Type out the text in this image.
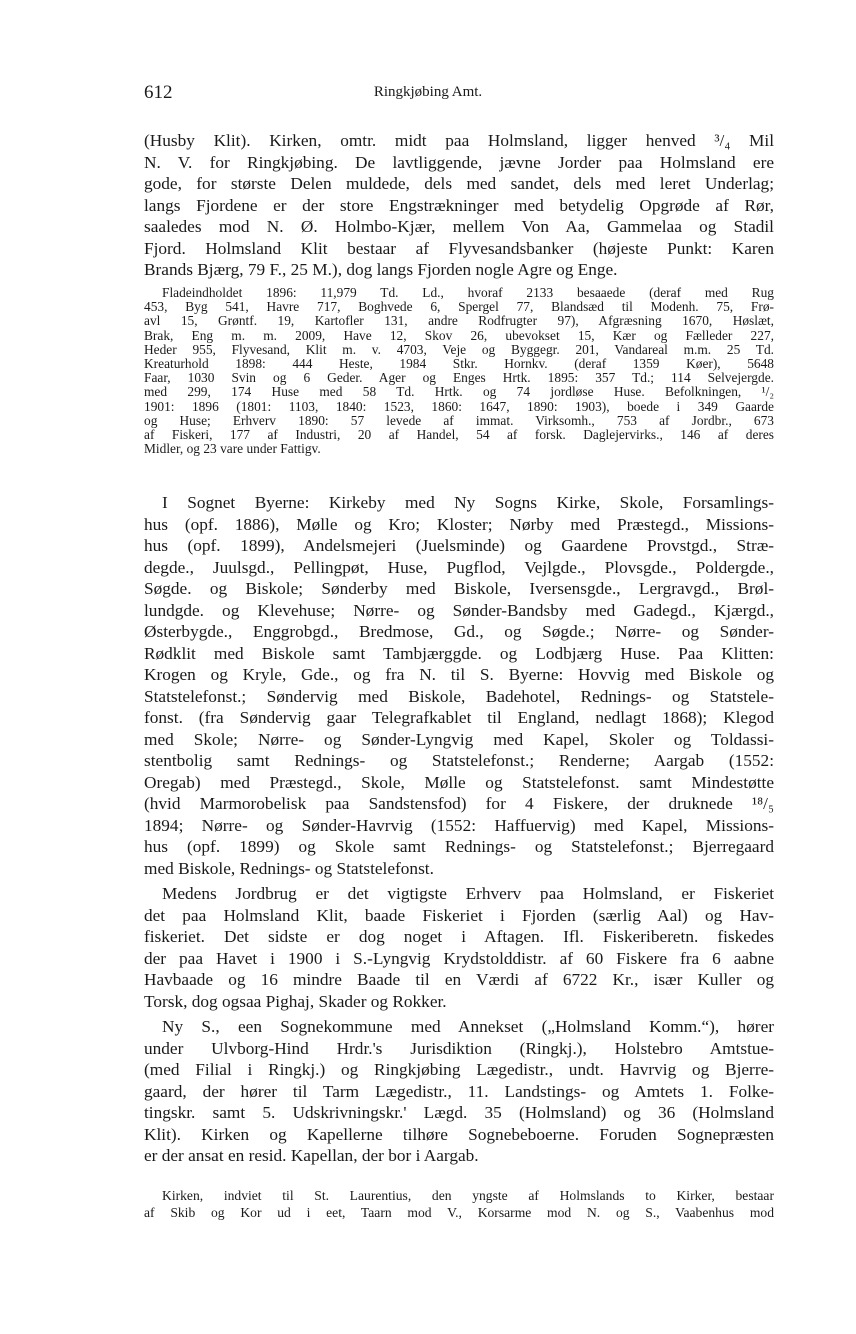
612	Ringkjøbing Amt.
(Husby Klit). Kirken, omtr. midt paa Holmsland, ligger henved ³/₄ Mil
N. V. for Ringkjøbing. De lavtliggende, jævne Jorder paa Holmsland ere
gode, for største Delen muldede, dels med sandet, dels med leret Underlag;
langs Fjordene er der store Engstrækninger med betydelig Opgrøde af Rør,
saaledes mod N. Ø. Holmbo-Kjær, mellem Von Aa, Gammelaa og Stadil
Fjord. Holmsland Klit bestaar af Flyvesandsbanker (højeste Punkt: Karen
Brands Bjærg, 79 F., 25 M.), dog langs Fjorden nogle Agre og Enge.
Fladeindholdet 1896: 11,979 Td. Ld., hvoraf 2133 besaaede (deraf med Rug
453, Byg 541, Havre 717, Boghvede 6, Spergel 77, Blandsæd til Modenh. 75, Frø-
avl 15, Grøntf. 19, Kartofler 131, andre Rodfrugter 97), Afgræsning 1670, Høslæt,
Brak, Eng m. m. 2009, Have 12, Skov 26, ubevokset 15, Kær og Fælleder 227,
Heder 955, Flyvesand, Klit m. v. 4703, Veje og Byggegr. 201, Vandareal m.m. 25 Td.
Kreaturhold 1898: 444 Heste, 1984 Stkr. Hornkv. (deraf 1359 Køer), 5648
Faar, 1030 Svin og 6 Geder. Ager og Enges Hrtk. 1895: 357 Td.; 114 Selvejergde.
med 299, 174 Huse med 58 Td. Hrtk. og 74 jordløse Huse. Befolkningen, ¹/₂
1901: 1896 (1801: 1103, 1840: 1523, 1860: 1647, 1890: 1903), boede i 349 Gaarde
og Huse; Erhverv 1890: 57 levede af immat. Virksomh., 753 af Jordbr., 673
af Fiskeri, 177 af Industri, 20 af Handel, 54 af forsk. Daglejervirks., 146 af deres
Midler, og 23 vare under Fattigv.
I Sognet Byerne: Kirkeby med Ny Sogns Kirke, Skole, Forsamlings-
hus (opf. 1886), Mølle og Kro; Kloster; Nørby med Præstegd., Missions-
hus (opf. 1899), Andelsmejeri (Juelsminde) og Gaardene Provstgd., Stræ-
degde., Juulsgd., Pellingpøt, Huse, Pugflod, Vejlgde., Plovsgde., Poldergde.,
Søgde. og Biskole; Sønderby med Biskole, Iversensgde., Lergravgd., Brøl-
lundgde. og Klevehuse; Nørre- og Sønder-Bandsby med Gadegd., Kjærgd.,
Østerbygde., Enggrobgd., Bredmose, Gd., og Søgde.; Nørre- og Sønder-
Rødklit med Biskole samt Tambjærggde. og Lodbjærg Huse. Paa Klitten:
Krogen og Kryle, Gde., og fra N. til S. Byerne: Hovvig med Biskole og
Statstelefonst.; Søndervig med Biskole, Badehotel, Rednings- og Statstele-
fonst. (fra Søndervig gaar Telegrafkablet til England, nedlagt 1868); Klegod
med Skole; Nørre- og Sønder-Lyngvig med Kapel, Skoler og Toldassi-
stentbolig samt Rednings- og Statstelefonst.; Renderne; Aargab (1552:
Oregab) med Præstegd., Skole, Mølle og Statstelefonst. samt Mindestøtte
(hvid Marmorobelisk paa Sandstensfod) for 4 Fiskere, der druknede ¹⁸/₅
1894; Nørre- og Sønder-Havrvig (1552: Haffuervig) med Kapel, Missions-
hus (opf. 1899) og Skole samt Rednings- og Statstelefonst.; Bjerregaard
med Biskole, Rednings- og Statstelefonst.
Medens Jordbrug er det vigtigste Erhverv paa Holmsland, er Fiskeriet
det paa Holmsland Klit, baade Fiskeriet i Fjorden (særlig Aal) og Hav-
fiskeriet. Det sidste er dog noget i Aftagen. Ifl. Fiskeriberetn. fiskedes
der paa Havet i 1900 i S.-Lyngvig Krydstolddistr. af 60 Fiskere fra 6 aabne
Havbaade og 16 mindre Baade til en Værdi af 6722 Kr., især Kuller og
Torsk, dog ogsaa Pighaj, Skader og Rokker.
Ny S., een Sognekommune med Annekset („Holmsland Komm.“), hører
under Ulvborg-Hind Hrdr.'s Jurisdiktion (Ringkj.), Holstebro Amtstue-
(med Filial i Ringkj.) og Ringkjøbing Lægedistr., undt. Havrvig og Bjerre-
gaard, der hører til Tarm Lægedistr., 11. Landstings- og Amtets 1. Folke-
tingskr. samt 5. Udskrivningskr.' Lægd. 35 (Holmsland) og 36 (Holmsland
Klit). Kirken og Kapellerne tilhøre Sognebeboerne. Foruden Sognepræsten
er der ansat en resid. Kapellan, der bor i Aargab.
Kirken, indviet til St. Laurentius, den yngste af Holmslands to Kirker, bestaar
af Skib og Kor ud i eet, Taarn mod V., Korsarme mod N. og S., Vaabenhus mod
